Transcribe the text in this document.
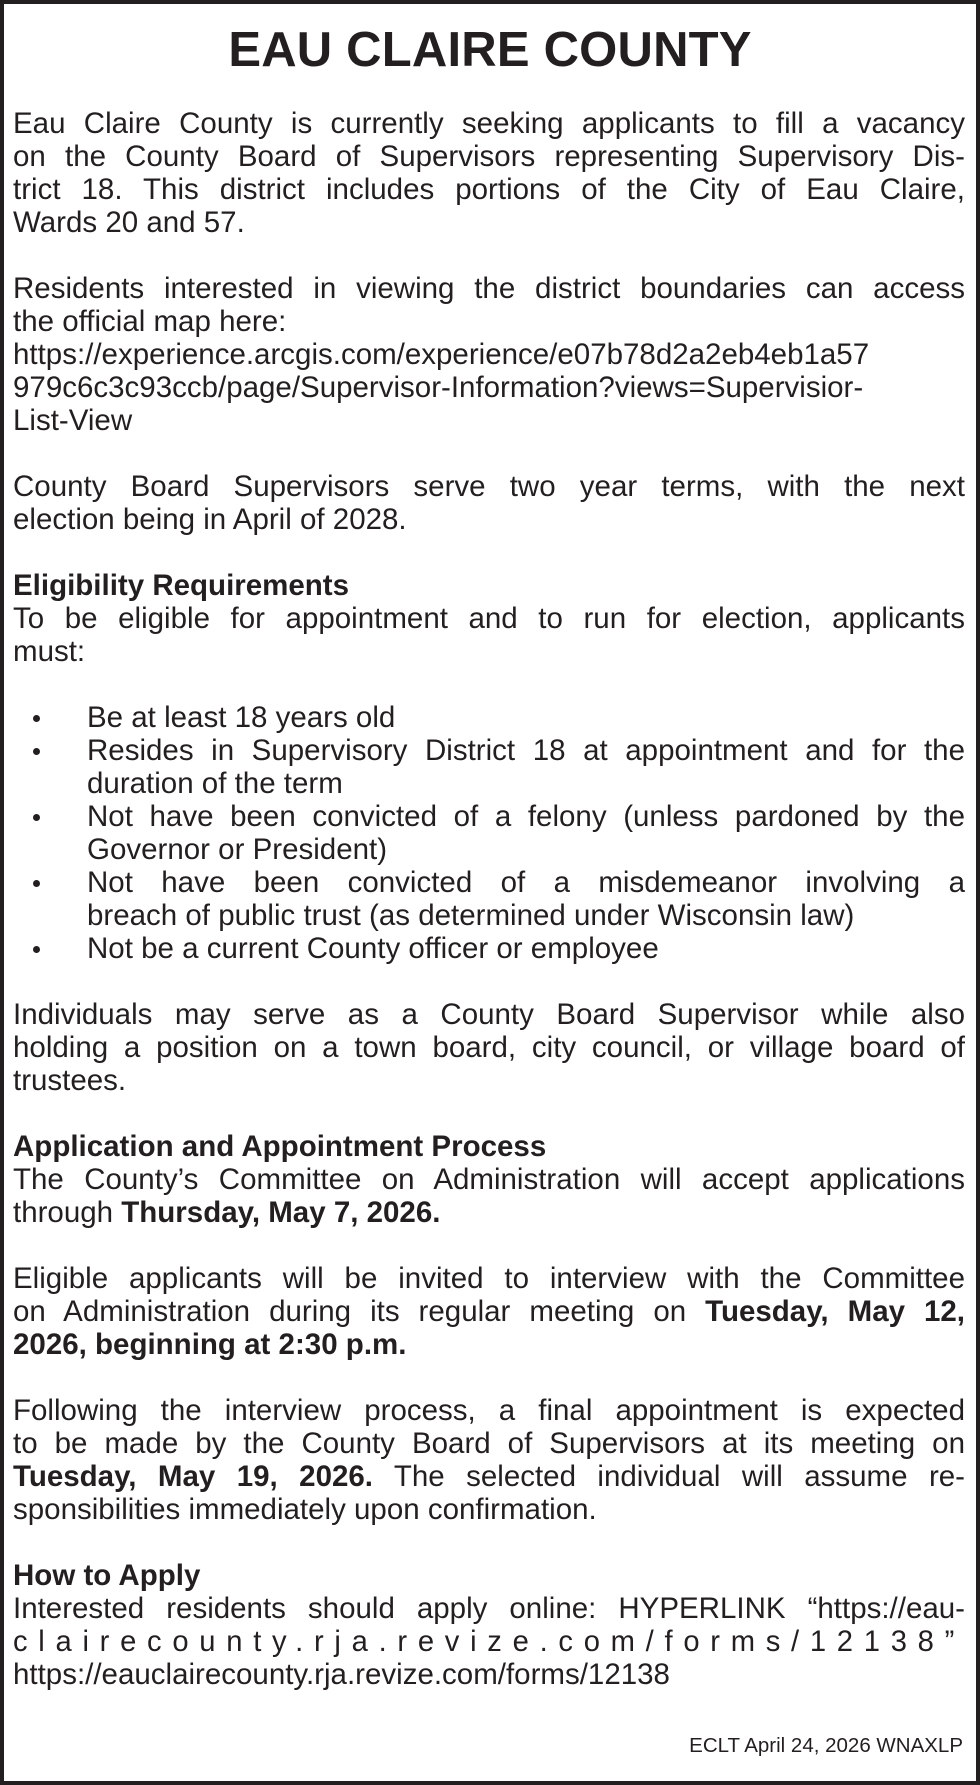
EAU CLAIRE COUNTY
Eau Claire County is currently seeking applicants to fill a vacancy
on the County Board of Supervisors representing Supervisory Dis-
trict 18. This district includes portions of the City of Eau Claire,
Wards 20 and 57.
Residents interested in viewing the district boundaries can access
the official map here:
https://experience.arcgis.com/experience/e07b78d2a2eb4eb1a57
979c6c3c93ccb/page/Supervisor-Information?views=Supervisior-
List-View
County Board Supervisors serve two year terms, with the next
election being in April of 2028.
Eligibility Requirements
To be eligible for appointment and to run for election, applicants
must:
Be at least 18 years old
Resides in Supervisory District 18 at appointment and for the
duration of the term
Not have been convicted of a felony (unless pardoned by the
Governor or President)
Not have been convicted of a misdemeanor involving a
breach of public trust (as determined under Wisconsin law)
Not be a current County officer or employee
Individuals may serve as a County Board Supervisor while also
holding a position on a town board, city council, or village board of
trustees.
Application and Appointment Process
The County’s Committee on Administration will accept applications
through Thursday, May 7, 2026.
Eligible applicants will be invited to interview with the Committee
on Administration during its regular meeting on Tuesday, May 12,
2026, beginning at 2:30 p.m.
Following the interview process, a final appointment is expected
to be made by the County Board of Supervisors at its meeting on
Tuesday, May 19, 2026. The selected individual will assume re-
sponsibilities immediately upon confirmation.
How to Apply
Interested residents should apply online: HYPERLINK “https://eau-
clairecounty.rja.revize.com/forms/12138”
https://eauclairecounty.rja.revize.com/forms/12138
ECLT April 24, 2026 WNAXLP
